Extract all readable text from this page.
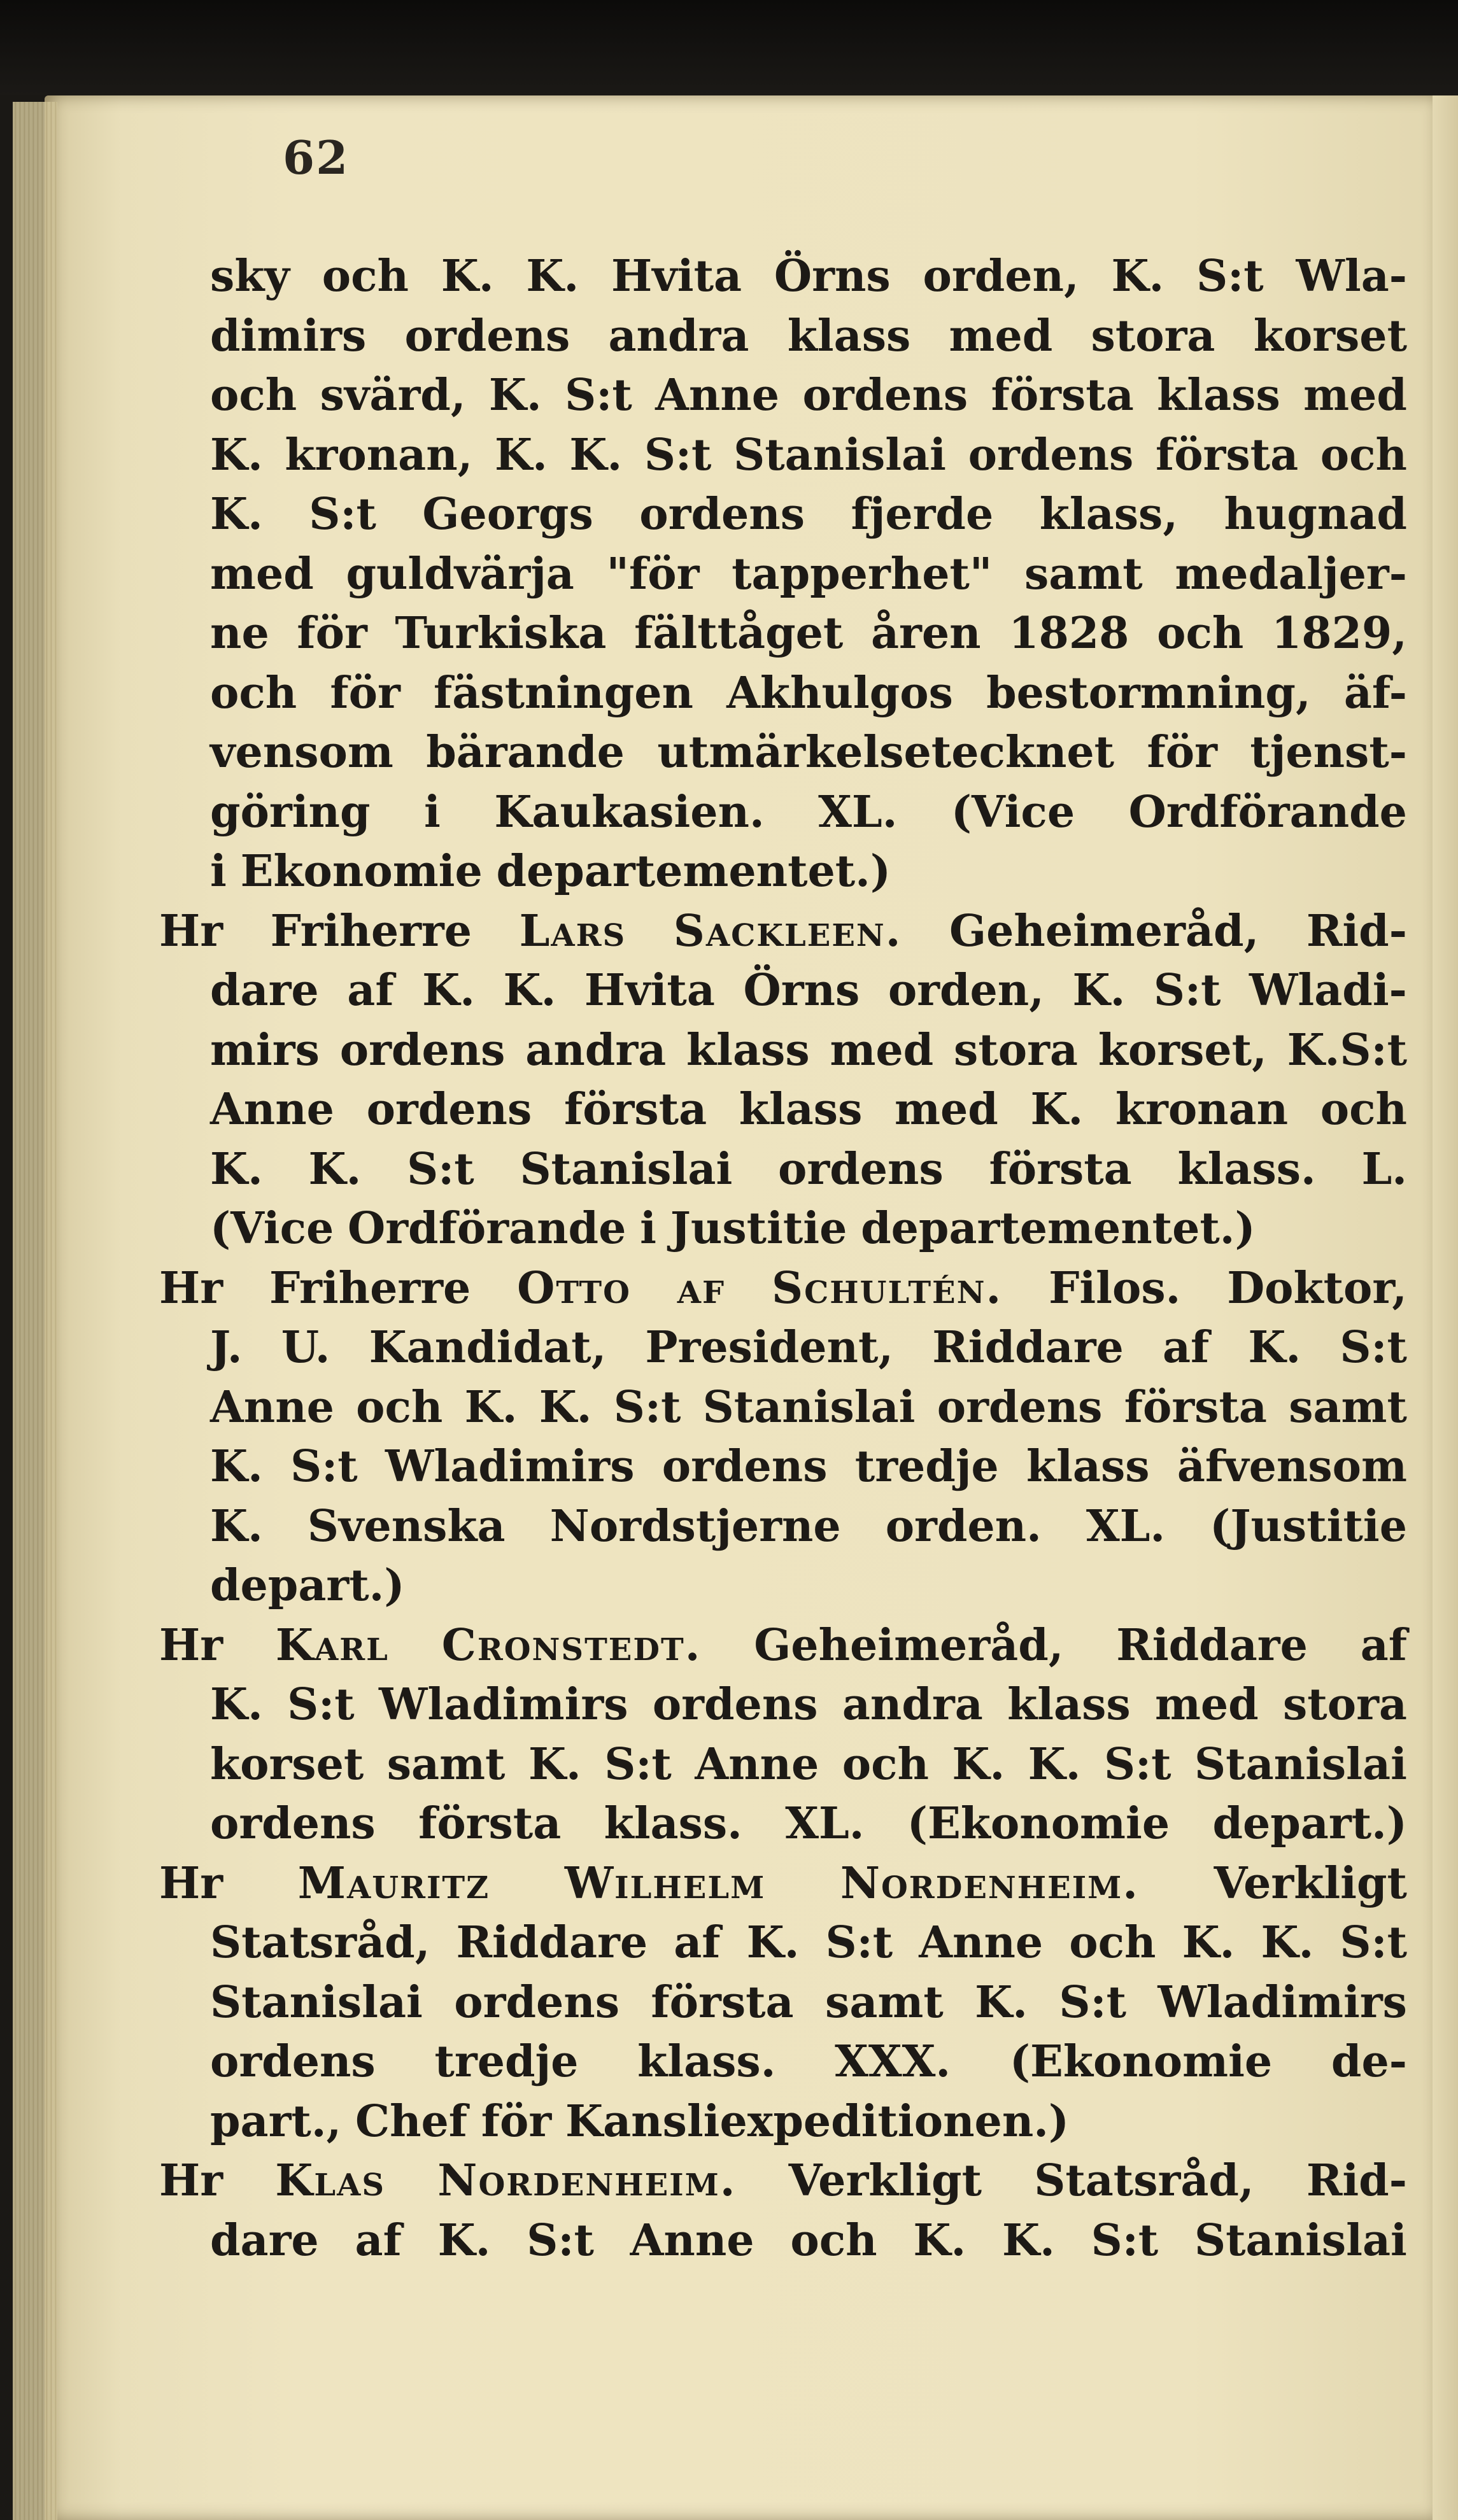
62
sky och K. K. Hvita Örns orden, K. S:t Wla-
dimirs ordens andra klass med stora korset
och svärd, K. S:t Anne ordens första klass med
K. kronan, K. K. S:t Stanislai ordens första och
K. S:t Georgs ordens fjerde klass, hugnad
med guldvärja "för tapperhet" samt medaljer-
ne för Turkiska fälttåget åren 1828 och 1829,
och för fästningen Akhulgos bestormning, äf-
vensom bärande utmärkelsetecknet för tjenst-
göring i Kaukasien. XL. (Vice Ordförande
i Ekonomie departementet.)
Hr Friherre Lars Sackleen. Geheimeråd, Rid-
dare af K. K. Hvita Örns orden, K. S:t Wladi-
mirs ordens andra klass med stora korset, K.S:t
Anne ordens första klass med K. kronan och
K. K. S:t Stanislai ordens första klass. L.
(Vice Ordförande i Justitie departementet.)
Hr Friherre Otto af Schultén. Filos. Doktor,
J. U. Kandidat, President, Riddare af K. S:t
Anne och K. K. S:t Stanislai ordens första samt
K. S:t Wladimirs ordens tredje klass äfvensom
K. Svenska Nordstjerne orden. XL. (Justitie
depart.)
Hr Karl Cronstedt. Geheimeråd, Riddare af
K. S:t Wladimirs ordens andra klass med stora
korset samt K. S:t Anne och K. K. S:t Stanislai
ordens första klass. XL. (Ekonomie depart.)
Hr Mauritz Wilhelm Nordenheim. Verkligt
Statsråd, Riddare af K. S:t Anne och K. K. S:t
Stanislai ordens första samt K. S:t Wladimirs
ordens tredje klass. XXX. (Ekonomie de-
part., Chef för Kansliexpeditionen.)
Hr Klas Nordenheim. Verkligt Statsråd, Rid-
dare af K. S:t Anne och K. K. S:t Stanislai
